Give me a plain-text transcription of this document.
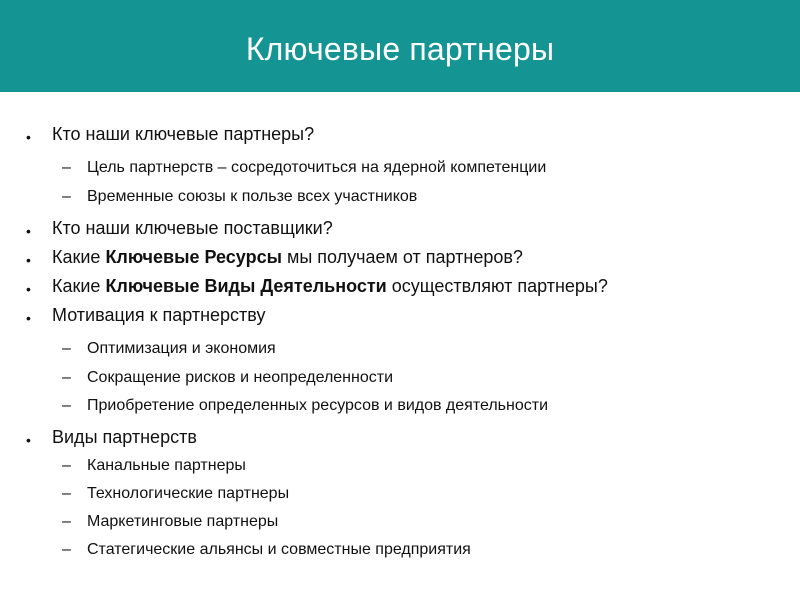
Ключевые партнеры
•	Кто наши ключевые партнеры?
–	Цель партнерств – сосредоточиться на ядерной компетенции
–	Временные союзы к пользе всех участников
•	Кто наши ключевые поставщики?
•	Какие Ключевые Ресурсы мы получаем от партнеров?
•	Какие Ключевые Виды Деятельности осуществляют партнеры?
•	Мотивация к партнерству
–	Оптимизация и экономия
–	Сокращение рисков и неопределенности
–	Приобретение определенных ресурсов и видов деятельности
•	Виды партнерств
–	Канальные партнеры
–	Технологические партнеры
–	Маркетинговые партнеры
–	Статегические альянсы и совместные предприятия
